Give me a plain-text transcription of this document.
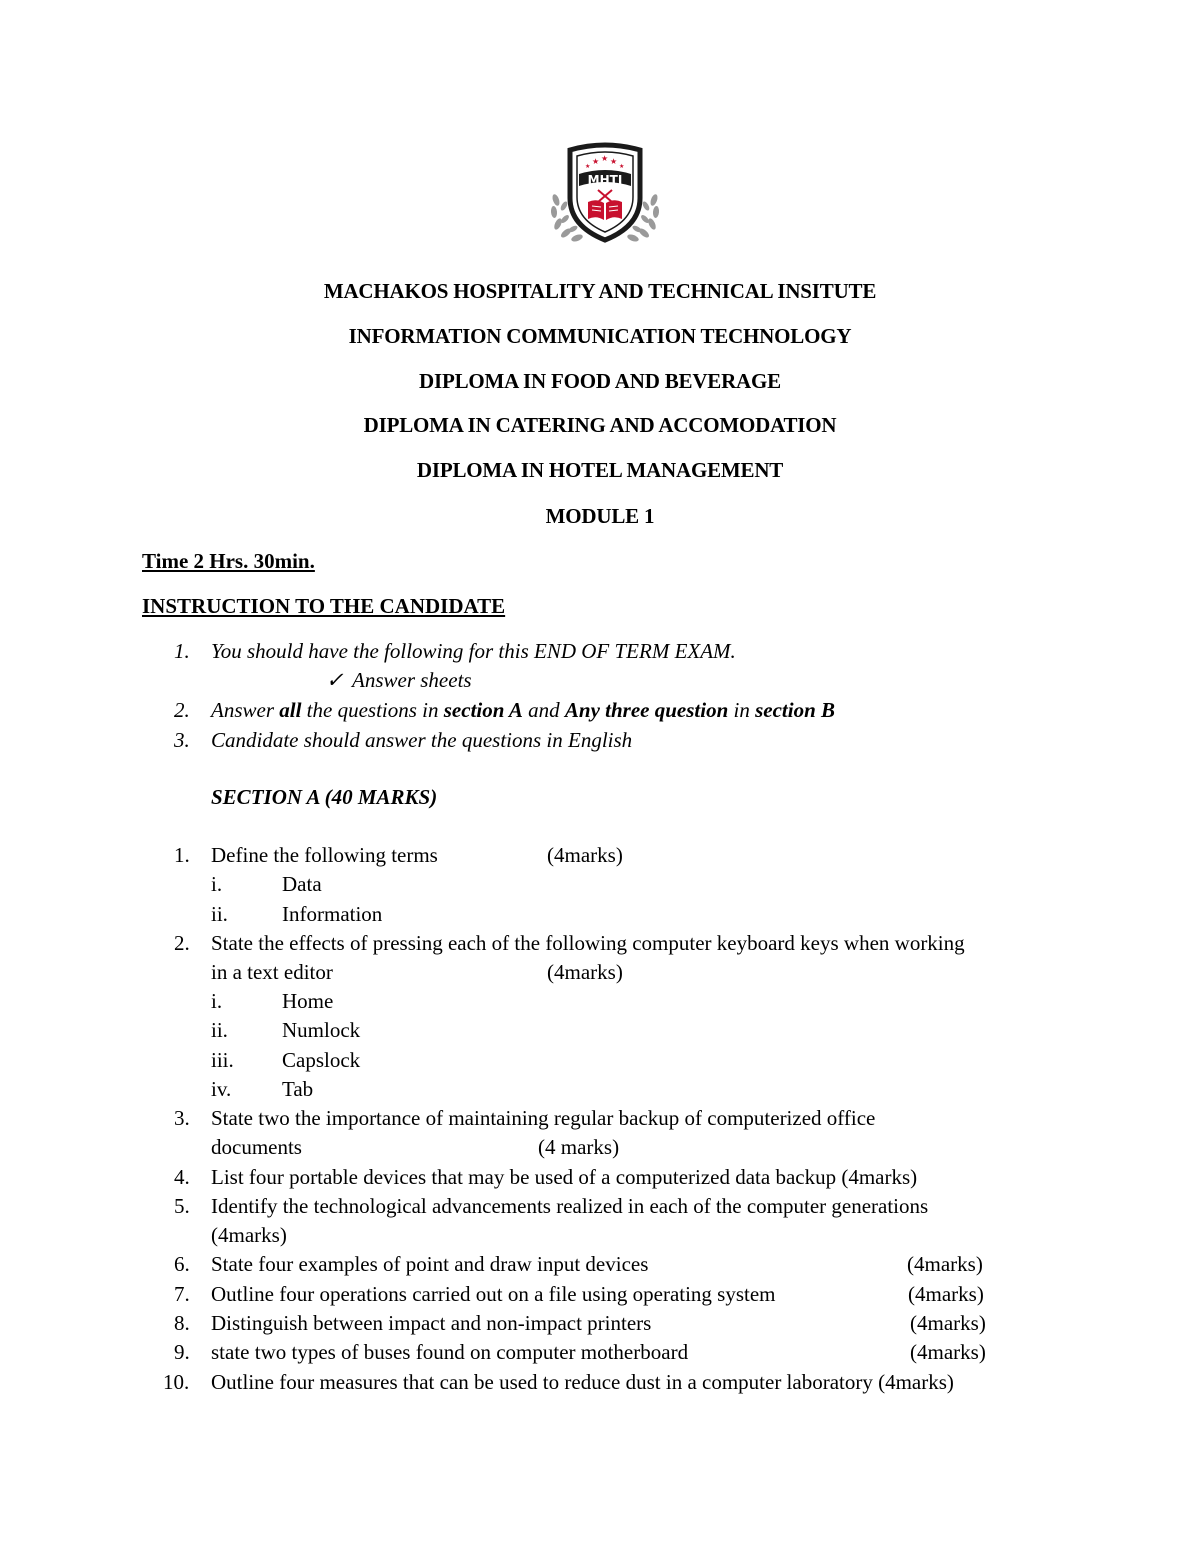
★ ★ ★
★	★
MHTI
MACHAKOS HOSPITALITY AND TECHNICAL INSITUTE
INFORMATION COMMUNICATION TECHNOLOGY
DIPLOMA IN FOOD AND BEVERAGE
DIPLOMA IN CATERING AND ACCOMODATION
DIPLOMA IN HOTEL MANAGEMENT
MODULE 1
Time 2 Hrs. 30min.
INSTRUCTION TO THE CANDIDATE
1. You should have the following for this END OF TERM EXAM.
✓ Answer sheets
2. Answer all the questions in section A and Any three question in section B
3. Candidate should answer the questions in English
SECTION A (40 MARKS)
1. Define the following terms	(4marks)
i.	Data
ii.	Information
2. State the effects of pressing each of the following computer keyboard keys when working
in a text editor	(4marks)
i.	Home
ii.	Numlock
iii. Capslock
iv. Tab
3. State two the importance of maintaining regular backup of computerized office
documents	(4 marks)
4. List four portable devices that may be used of a computerized data backup (4marks)
5. Identify the technological advancements realized in each of the computer generations
(4marks)
6. State four examples of point and draw input devices	(4marks)
7. Outline four operations carried out on a file using operating system	(4marks)
8. Distinguish between impact and non-impact printers	(4marks)
9. state two types of buses found on computer motherboard	(4marks)
10. Outline four measures that can be used to reduce dust in a computer laboratory (4marks)
